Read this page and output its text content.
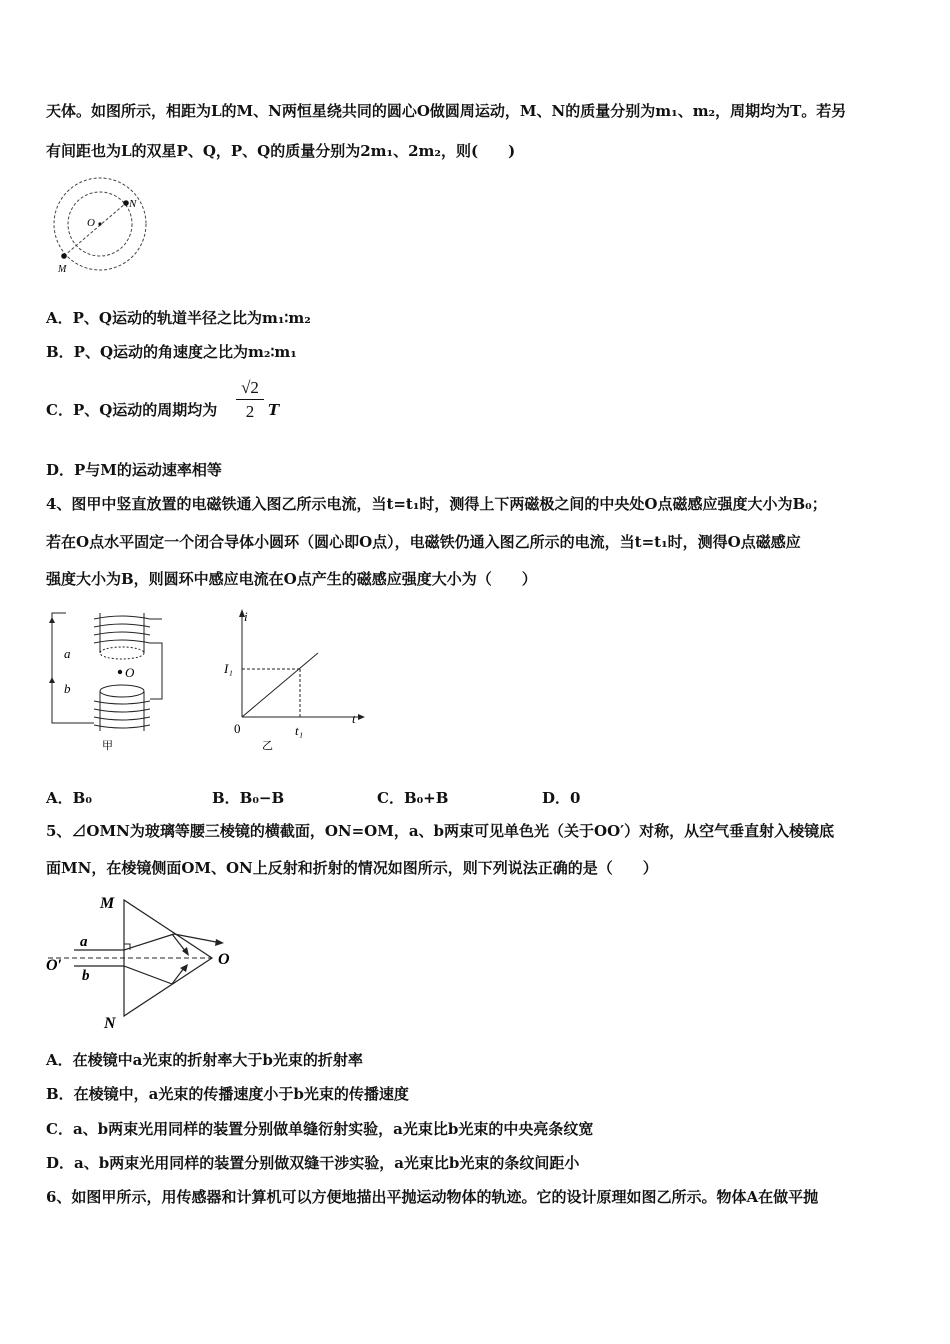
天体。如图所示，相距为L的M、N两恒星绕共同的圆心O做圆周运动，M、N的质量分别为m₁、m₂，周期均为T。若另
有间距也为L的双星P、Q，P、Q的质量分别为2m₁、2m₂，则(　　)
O
N
M
A．P、Q运动的轨道半径之比为m₁∶m₂
B．P、Q运动的角速度之比为m₂∶m₁
C．P、Q运动的周期均为
√2
2 T
D．P与M的运动速率相等
4、图甲中竖直放置的电磁铁通入图乙所示电流，当t=t₁时，测得上下两磁极之间的中央处O点磁感应强度大小为B₀；
若在O点水平固定一个闭合导体小圆环（圆心即O点），电磁铁仍通入图乙所示的电流，当t=t₁时，测得O点磁感应
强度大小为B，则圆环中感应电流在O点产生的磁感应强度大小为（　　）
a
b
O
甲
i
I₁
0
t
t₁
乙
A．B₀	B．B₀−B	C．B₀+B	D．0
5、⊿OMN为玻璃等腰三棱镜的横截面，ON=OM，a、b两束可见单色光（关于OO′）对称，从空气垂直射入棱镜底
面MN，在棱镜侧面OM、ON上反射和折射的情况如图所示，则下列说法正确的是（　　）
M
N
O
O′
a
b
A．在棱镜中a光束的折射率大于b光束的折射率
B．在棱镜中，a光束的传播速度小于b光束的传播速度
C．a、b两束光用同样的装置分别做单缝衍射实验，a光束比b光束的中央亮条纹宽
D．a、b两束光用同样的装置分别做双缝干涉实验，a光束比b光束的条纹间距小
6、如图甲所示，用传感器和计算机可以方便地描出平抛运动物体的轨迹。它的设计原理如图乙所示。物体A在做平抛
